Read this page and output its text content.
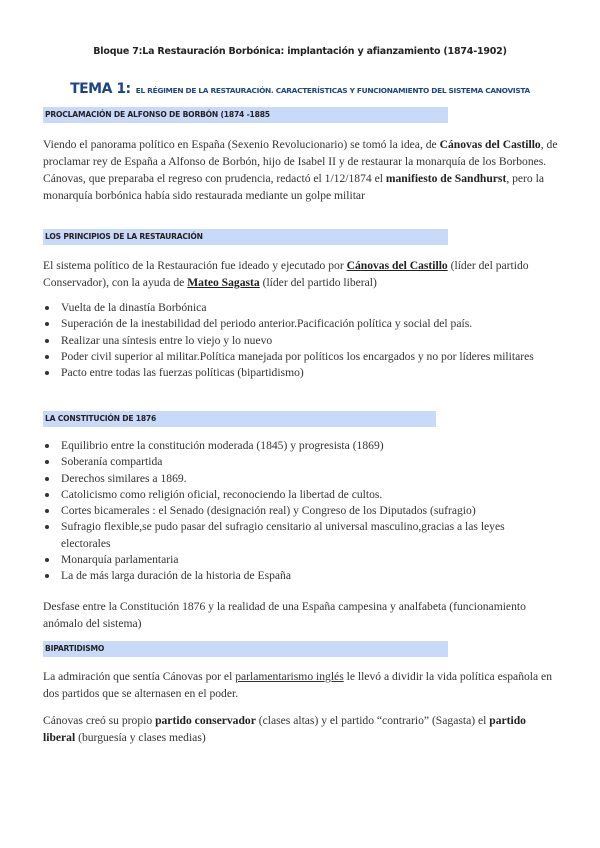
Bloque 7:La Restauración Borbónica: implantación y afianzamiento (1874-1902)
TEMA 1: EL RÉGIMEN DE LA RESTAURACIÓN. CARACTERÍSTICAS Y FUNCIONAMIENTO DEL SISTEMA CANOVISTA
PROCLAMACIÓN DE ALFONSO DE BORBÓN (1874 -1885
Viendo el panorama político en España (Sexenio Revolucionario) se tomó la idea, de Cánovas del Castillo, de proclamar rey de España a Alfonso de Borbón, hijo de Isabel II y de restaurar la monarquía de los Borbones.
Cánovas, que preparaba el regreso con prudencia, redactó el 1/12/1874 el manifiesto de Sandhurst, pero la monarquía borbónica había sido restaurada mediante un golpe militar
LOS PRINCIPIOS DE LA RESTAURACIÓN
El sistema político de la Restauración fue ideado y ejecutado por Cánovas del Castillo (líder del partido Conservador), con la ayuda de Mateo Sagasta (líder del partido liberal)
Vuelta de la dinastía Borbónica
Superación de la inestabilidad del periodo anterior.Pacificación política y social del país.
Realizar una síntesis entre lo viejo y lo nuevo
Poder civil superior al militar.Política manejada por políticos los encargados y no por líderes militares
Pacto entre todas las fuerzas políticas (bipartidismo)
LA CONSTITUCIÓN DE 1876
Equilibrio entre la constitución moderada (1845) y progresista (1869)
Soberanía compartida
Derechos similares a 1869.
Catolicismo como religión oficial, reconociendo la libertad de cultos.
Cortes bicamerales : el Senado (designación real) y Congreso de los Diputados (sufragio)
Sufragio flexible,se pudo pasar del sufragio censitario al universal masculino,gracias a las leyes electorales
Monarquía parlamentaria
La de más larga duración de la historia de España
Desfase entre la Constitución 1876 y la realidad de una España campesina y analfabeta (funcionamiento anómalo del sistema)
BIPARTIDISMO
La admiración que sentía Cánovas por el parlamentarismo inglés le llevó a dividir la vida política española en dos partidos que se alternasen en el poder.
Cánovas creó su propio partido conservador (clases altas) y el partido “contrario” (Sagasta) el partido liberal (burguesía y clases medias)
